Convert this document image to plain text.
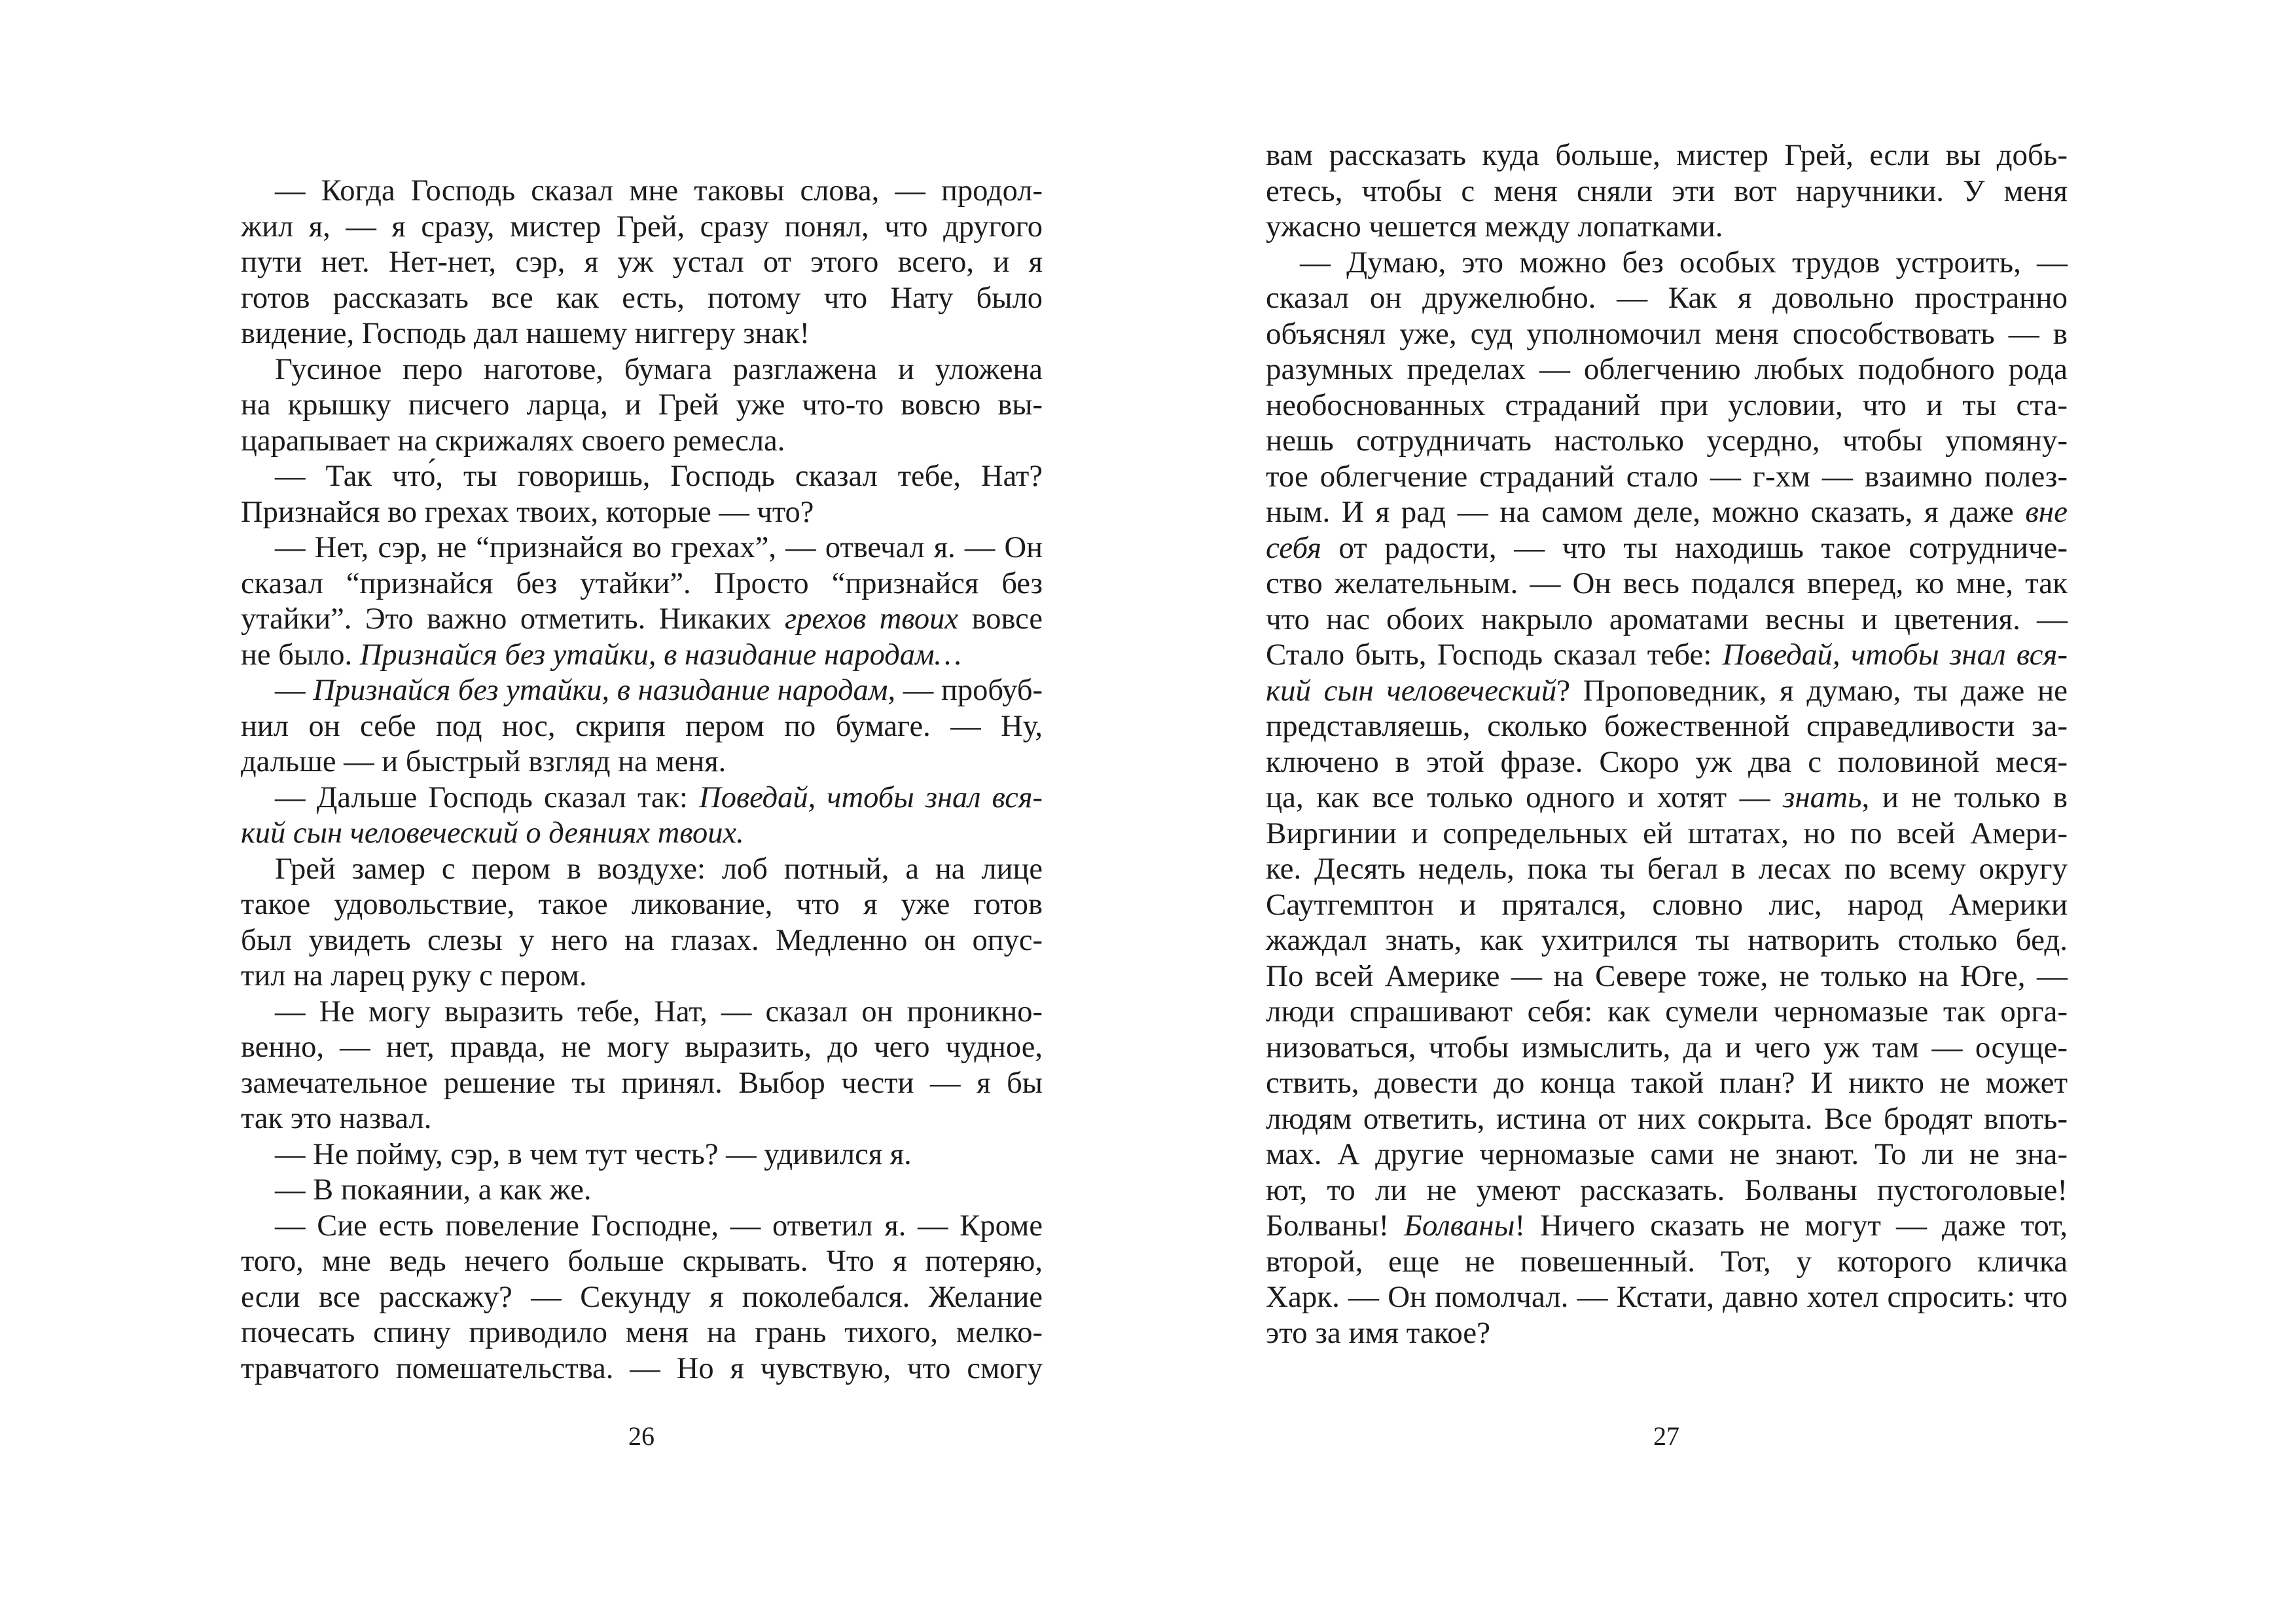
— Когда Господь сказал мне таковы слова, — продол-
жил я, — я сразу, мистер Грей, сразу понял, что другого
пути нет. Нет-нет, сэр, я уж устал от этого всего, и я
готов рассказать все как есть, потому что Нату было
видение, Господь дал нашему ниггеру знак!
Гусиное перо наготове, бумага разглажена и уложена
на крышку писчего ларца, и Грей уже что-то вовсю вы-
царапывает на скрижалях своего ремесла.
— Так что́, ты говоришь, Господь сказал тебе, Нат?
Признайся во грехах твоих, которые — что?
— Нет, сэр, не “признайся во грехах”, — отвечал я. — Он
сказал “признайся без утайки”. Просто “признайся без
утайки”. Это важно отметить. Никаких грехов твоих вовсе
не было. Признайся без утайки, в назидание народам…
— Признайся без утайки, в назидание народам, — пробуб-
нил он себе под нос, скрипя пером по бумаге. — Ну,
дальше — и быстрый взгляд на меня.
— Дальше Господь сказал так: Поведай, чтобы знал вся-
кий сын человеческий о деяниях твоих.
Грей замер с пером в воздухе: лоб потный, а на лице
такое удовольствие, такое ликование, что я уже готов
был увидеть слезы у него на глазах. Медленно он опус-
тил на ларец руку с пером.
— Не могу выразить тебе, Нат, — сказал он проникно-
венно, — нет, правда, не могу выразить, до чего чудное,
замечательное решение ты принял. Выбор чести — я бы
так это назвал.
— Не пойму, сэр, в чем тут честь? — удивился я.
— В покаянии, а как же.
— Сие есть повеление Господне, — ответил я. — Кроме
того, мне ведь нечего больше скрывать. Что я потеряю,
если все расскажу? — Секунду я поколебался. Желание
почесать спину приводило меня на грань тихого, мелко-
травчатого помешательства. — Но я чувствую, что смогу
26
вам рассказать куда больше, мистер Грей, если вы добь-
етесь, чтобы с меня сняли эти вот наручники. У меня
ужасно чешется между лопатками.
— Думаю, это можно без особых трудов устроить, —
сказал он дружелюбно. — Как я довольно пространно
объяснял уже, суд уполномочил меня способствовать — в
разумных пределах — облегчению любых подобного рода
необоснованных страданий при условии, что и ты ста-
нешь сотрудничать настолько усердно, чтобы упомяну-
тое облегчение страданий стало — г-хм — взаимно полез-
ным. И я рад — на самом деле, можно сказать, я даже вне
себя от радости, — что ты находишь такое сотрудниче-
ство желательным. — Он весь подался вперед, ко мне, так
что нас обоих накрыло ароматами весны и цветения. —
Стало быть, Господь сказал тебе: Поведай, чтобы знал вся-
кий сын человеческий? Проповедник, я думаю, ты даже не
представляешь, сколько божественной справедливости за-
ключено в этой фразе. Скоро уж два с половиной меся-
ца, как все только одного и хотят — знать, и не только в
Виргинии и сопредельных ей штатах, но по всей Амери-
ке. Десять недель, пока ты бегал в лесах по всему округу
Саутгемптон и прятался, словно лис, народ Америки
жаждал знать, как ухитрился ты натворить столько бед.
По всей Америке — на Севере тоже, не только на Юге, —
люди спрашивают себя: как сумели черномазые так орга-
низоваться, чтобы измыслить, да и чего уж там — осуще-
ствить, довести до конца такой план? И никто не может
людям ответить, истина от них сокрыта. Все бродят впоть-
мах. А другие черномазые сами не знают. То ли не зна-
ют, то ли не умеют рассказать. Болваны пустоголовые!
Болваны! Болваны! Ничего сказать не могут — даже тот,
второй, еще не повешенный. Тот, у которого кличка
Харк. — Он помолчал. — Кстати, давно хотел спросить: что
это за имя такое?
27
